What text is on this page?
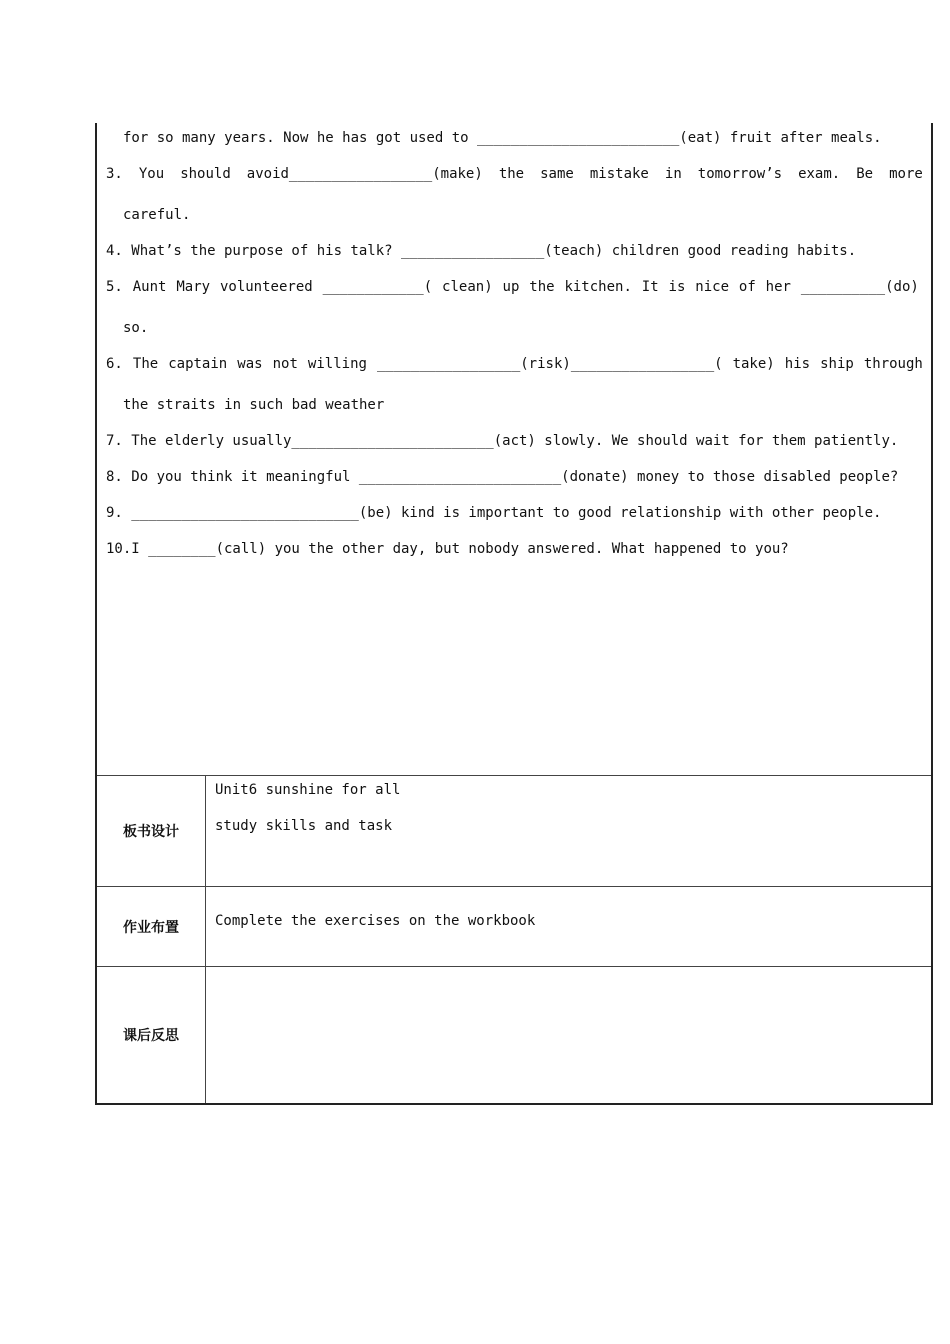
for so many years. Now he has got used to ________________________(eat) fruit after meals.
3. You should avoid_________________(make) the same mistake in tomorrow’s exam. Be more
careful.
4. What’s the purpose of his talk? _________________(teach) children good reading habits.
5. Aunt Mary volunteered ____________( clean) up the kitchen. It is nice of her __________(do)
so.
6. The captain was not willing _________________(risk)_________________( take) his ship through
the straits in such bad weather
7. The elderly usually________________________(act) slowly. We should wait for them patiently.
8. Do you think it meaningful ________________________(donate) money to those disabled people?
9. ___________________________(be) kind is important to good relationship with other people.
10.I ________(call) you the other day, but nobody answered. What happened to you?
板书设计
Unit6 sunshine for all
study skills and task
作业布置	Complete the exercises on the workbook
课后反思
